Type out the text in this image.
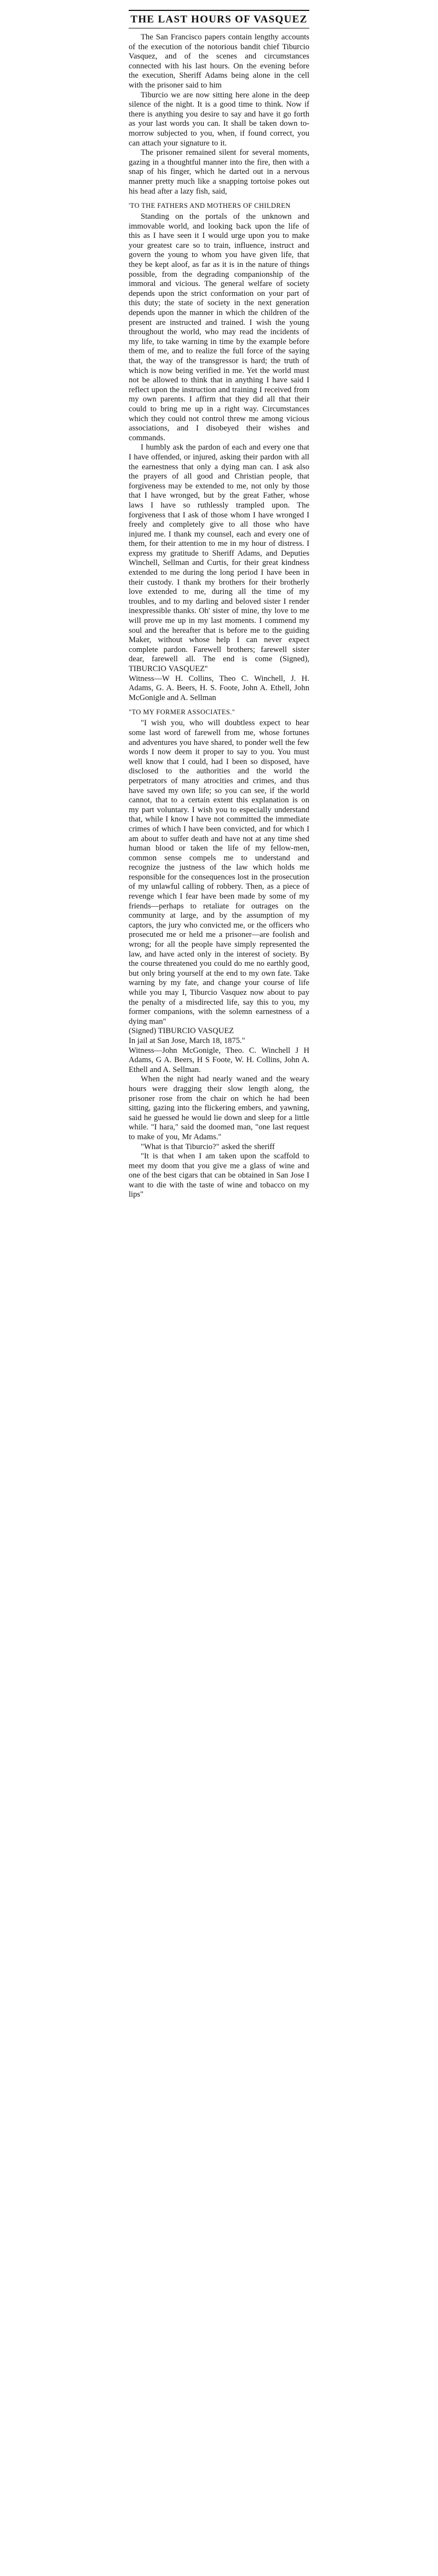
THE LAST HOURS OF VASQUEZ

The San Francisco papers contain lengthy accounts of the execution of the notorious bandit chief Tiburcio Vasquez, and of the scenes and circumstances connected with his last hours. On the evening before the execution, Sheriff Adams being alone in the cell with the prisoner said to him

Tiburcio we are now sitting here alone in the deep silence of the night. It is a good time to think. Now if there is anything you desire to say and have it go forth as your last words you can. It shall be taken down to-morrow subjected to you, when, if found correct, you can attach your signature to it.

The prisoner remained silent for several moments, gazing in a thoughtful manner into the fire, then with a snap of his finger, which he darted out in a nervous manner pretty much like a snapping tortoise pokes out his head after a lazy fish, said,

'TO THE FATHERS AND MOTHERS OF CHILDREN

Standing on the portals of the unknown and immovable world, and looking back upon the life of this as I have seen it I would urge upon you to make your greatest care so to train, influence, instruct and govern the young to whom you have given life, that they be kept aloof, as far as it is in the nature of things possible, from the degrading companionship of the immoral and vicious. The general welfare of society depends upon the strict conformation on your part of this duty; the state of society in the next generation depends upon the manner in which the children of the present are instructed and trained. I wish the young throughout the world, who may read the incidents of my life, to take warning in time by the example before them of me, and to realize the full force of the saying that, the way of the transgressor is hard; the truth of which is now being verified in me. Yet the world must not be allowed to think that in anything I have said I reflect upon the instruction and training I received from my own parents. I affirm that they did all that their could to bring me up in a right way. Circumstances which they could not control threw me among vicious associations, and I disobeyed their wishes and commands.

I humbly ask the pardon of each and every one that I have offended, or injured, asking their pardon with all the earnestness that only a dying man can. I ask also the prayers of all good and Christian people, that forgiveness may be extended to me, not only by those that I have wronged, but by the great Father, whose laws I have so ruthlessly trampled upon. The forgiveness that I ask of those whom I have wronged I freely and completely give to all those who have injured me. I thank my counsel, each and every one of them, for their attention to me in my hour of distress. I express my gratitude to Sheriff Adams, and Deputies Winchell, Sellman and Curtis, for their great kindness extended to me during the long period I have been in their custody. I thank my brothers for their brotherly love extended to me, during all the time of my troubles, and to my darling and beloved sister I render inexpressible thanks. Oh' sister of mine, thy love to me will prove me up in my last moments. I commend my soul and the hereafter that is before me to the guiding Maker, without whose help I can never expect complete pardon. Farewell brothers; farewell sister dear, farewell all. The end is come (Signed), TIBURCIO VASQUEZ''

Witness—W H. Collins, Theo C. Winchell, J. H. Adams, G. A. Beers, H. S. Foote, John A. Ethell, John McGonigle and A. Sellman

"TO MY FORMER ASSOCIATES."

"I wish you, who will doubtless expect to hear some last word of farewell from me, whose fortunes and adventures you have shared, to ponder well the few words I now deem it proper to say to you. You must well know that I could, had I been so disposed, have disclosed to the authorities and the world the perpetrators of many atrocities and crimes, and thus have saved my own life; so you can see, if the world cannot, that to a certain extent this explanation is on my part voluntary. I wish you to especially understand that, while I know I have not committed the immediate crimes of which I have been convicted, and for which I am about to suffer death and have not at any time shed human blood or taken the life of my fellow-men, common sense compels me to understand and recognize the justness of the law which holds me responsible for the consequences lost in the prosecution of my unlawful calling of robbery. Then, as a piece of revenge which I fear have been made by some of my friends—perhaps to retaliate for outrages on the community at large, and by the assumption of my captors, the jury who convicted me, or the officers who prosecuted me or held me a prisoner—are foolish and wrong; for all the people have simply represented the law, and have acted only in the interest of society. By the course threatened you could do me no earthly good, but only bring yourself at the end to my own fate. Take warning by my fate, and change your course of life while you may I, Tiburcio Vasquez now about to pay the penalty of a misdirected life, say this to you, my former companions, with the solemn earnestness of a dying man"

(Signed) TIBURCIO VASQUEZ

In jail at San Jose, March 18, 1875."

Witness—John McGonigle, Theo. C. Winchell J H Adams, G A. Beers, H S Foote, W. H. Collins, John A. Ethell and A. Sellman.

When the night had nearly waned and the weary hours were dragging their slow length along, the prisoner rose from the chair on which he had been sitting, gazing into the flickering embers, and yawning, said he guessed he would lie down and sleep for a little while. "I hara," said the doomed man, "one last request to make of you, Mr Adams."

"What is that Tiburcio?" asked the sheriff

"It is that when I am taken upon the scaffold to meet my doom that you give me a glass of wine and one of the best cigars that can be obtained in San Jose I want to die with the taste of wine and tobacco on my lips"
